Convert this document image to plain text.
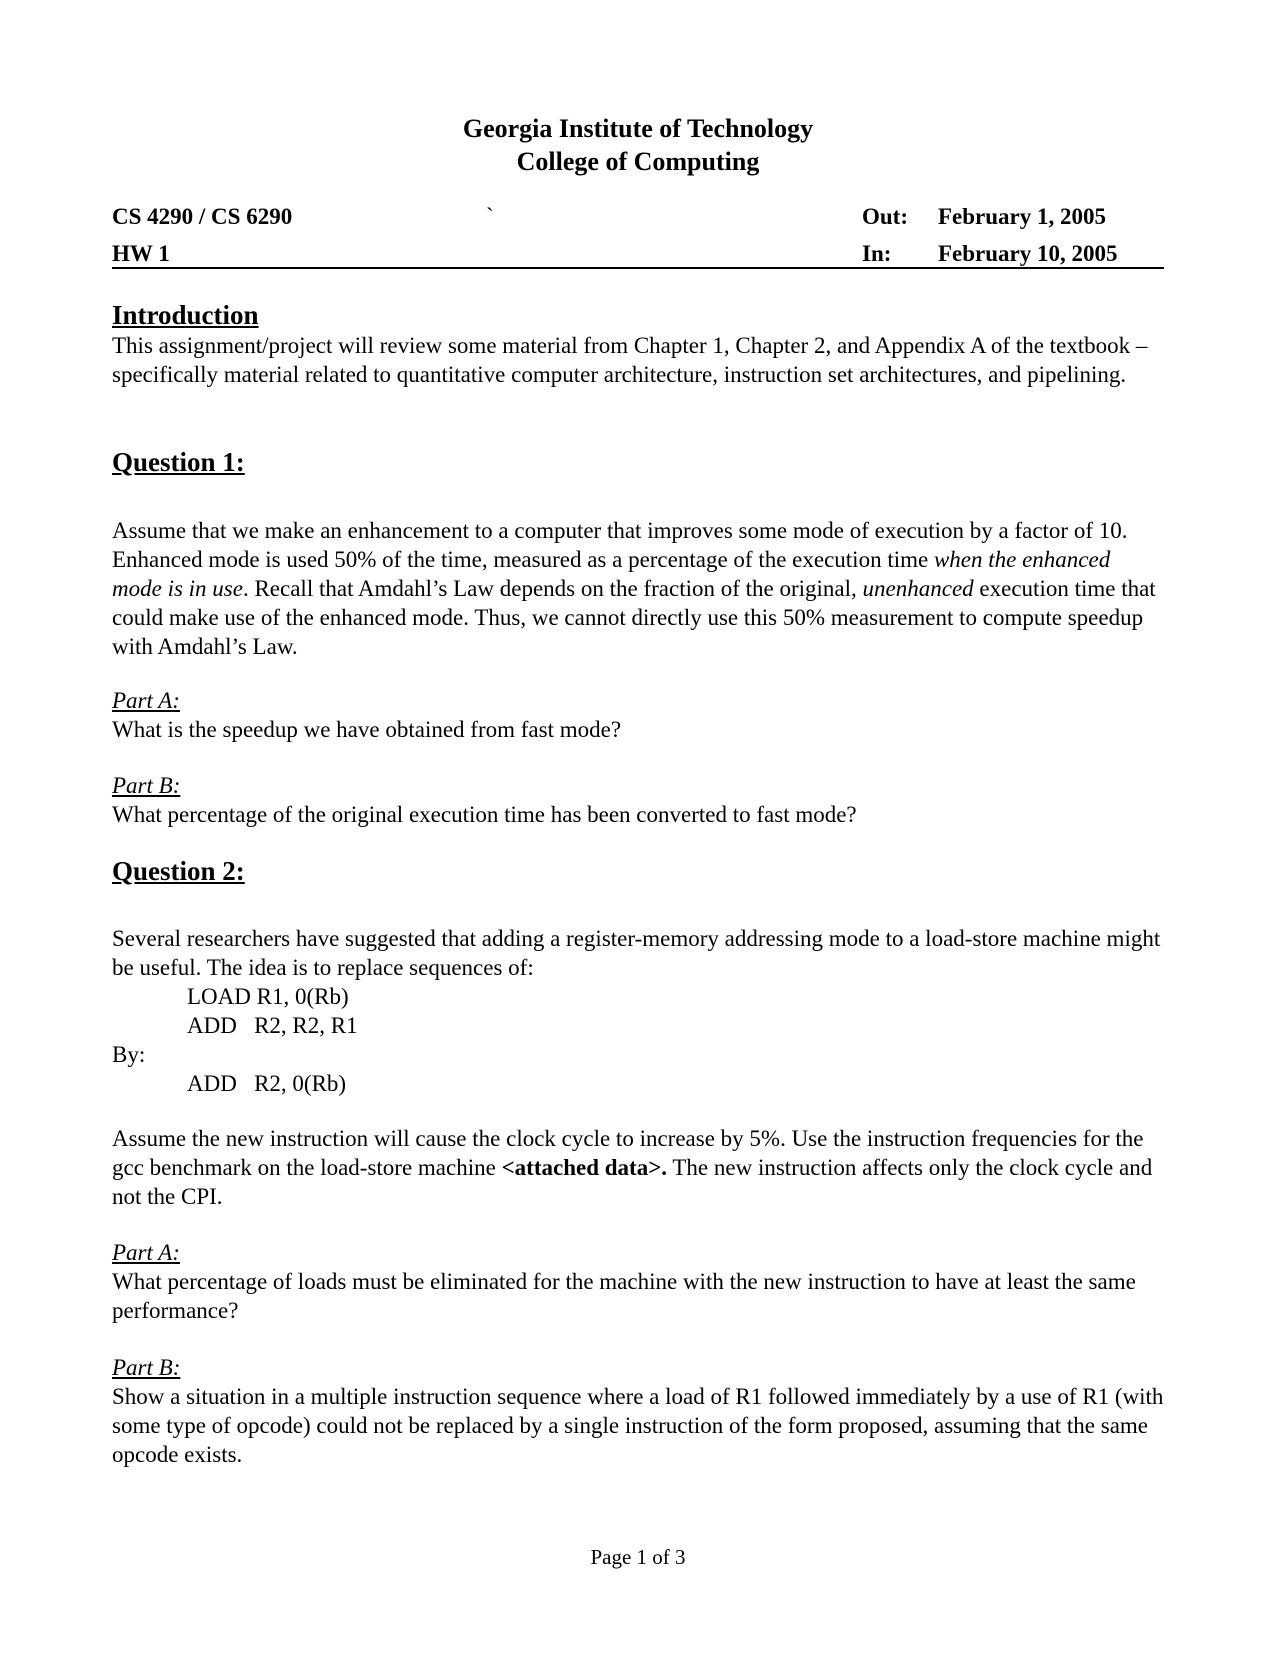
Georgia Institute of Technology
College of Computing
CS 4290 / CS 6290	`	Out: February 1, 2005
HW 1	In: February 10, 2005
Introduction
This assignment/project will review some material from Chapter 1, Chapter 2, and Appendix A of the textbook – specifically material related to quantitative computer architecture, instruction set architectures, and pipelining.
Question 1:
Assume that we make an enhancement to a computer that improves some mode of execution by a factor of 10. Enhanced mode is used 50% of the time, measured as a percentage of the execution time when the enhanced mode is in use. Recall that Amdahl’s Law depends on the fraction of the original, unenhanced execution time that could make use of the enhanced mode. Thus, we cannot directly use this 50% measurement to compute speedup with Amdahl’s Law.
Part A:
What is the speedup we have obtained from fast mode?
Part B:
What percentage of the original execution time has been converted to fast mode?
Question 2:
Several researchers have suggested that adding a register-memory addressing mode to a load-store machine might be useful. The idea is to replace sequences of:
LOAD R1, 0(Rb)
ADD   R2, R2, R1
By:
ADD   R2, 0(Rb)
Assume the new instruction will cause the clock cycle to increase by 5%. Use the instruction frequencies for the gcc benchmark on the load-store machine <attached data>. The new instruction affects only the clock cycle and not the CPI.
Part A:
What percentage of loads must be eliminated for the machine with the new instruction to have at least the same performance?
Part B:
Show a situation in a multiple instruction sequence where a load of R1 followed immediately by a use of R1 (with some type of opcode) could not be replaced by a single instruction of the form proposed, assuming that the same opcode exists.
Page 1 of 3
